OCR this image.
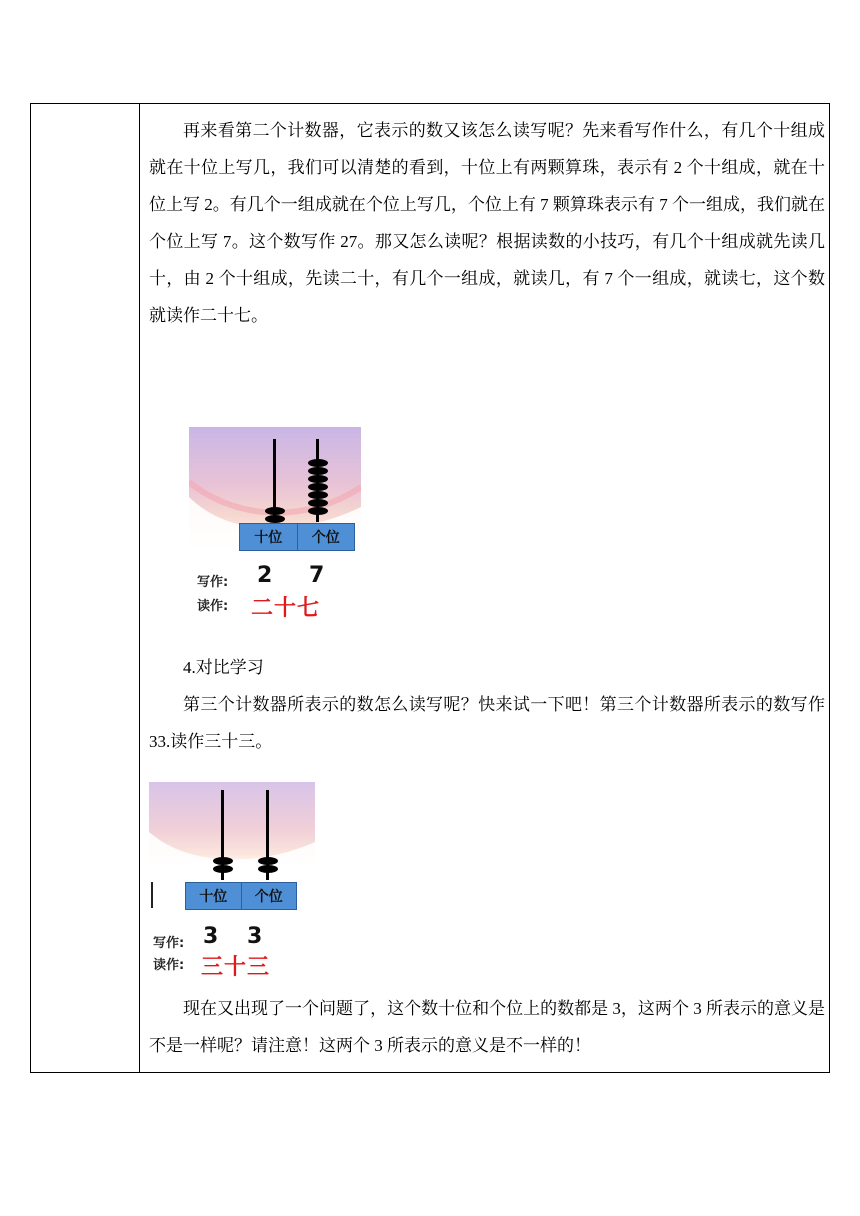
再来看第二个计数器，它表示的数又该怎么读写呢？先来看写作什么，有几个十组成就在十位上写几，我们可以清楚的看到，十位上有两颗算珠，表示有 2 个十组成，就在十位上写 2。有几个一组成就在个位上写几，个位上有 7 颗算珠表示有 7 个一组成，我们就在个位上写 7。这个数写作 27。那又怎么读呢？根据读数的小技巧，有几个十组成就先读几十，由 2 个十组成，先读二十，有几个一组成，就读几，有 7 个一组成，就读七，这个数就读作二十七。

十位	个位
写作:
读作:
2 7
二十七

4.对比学习

第三个计数器所表示的数怎么读写呢？快来试一下吧！第三个计数器所表示的数写作 33.读作三十三。

十位	个位
写作:
读作:
3 3
三十三

现在又出现了一个问题了，这个数十位和个位上的数都是 3，这两个 3 所表示的意义是不是一样呢？请注意！这两个 3 所表示的意义是不一样的！
